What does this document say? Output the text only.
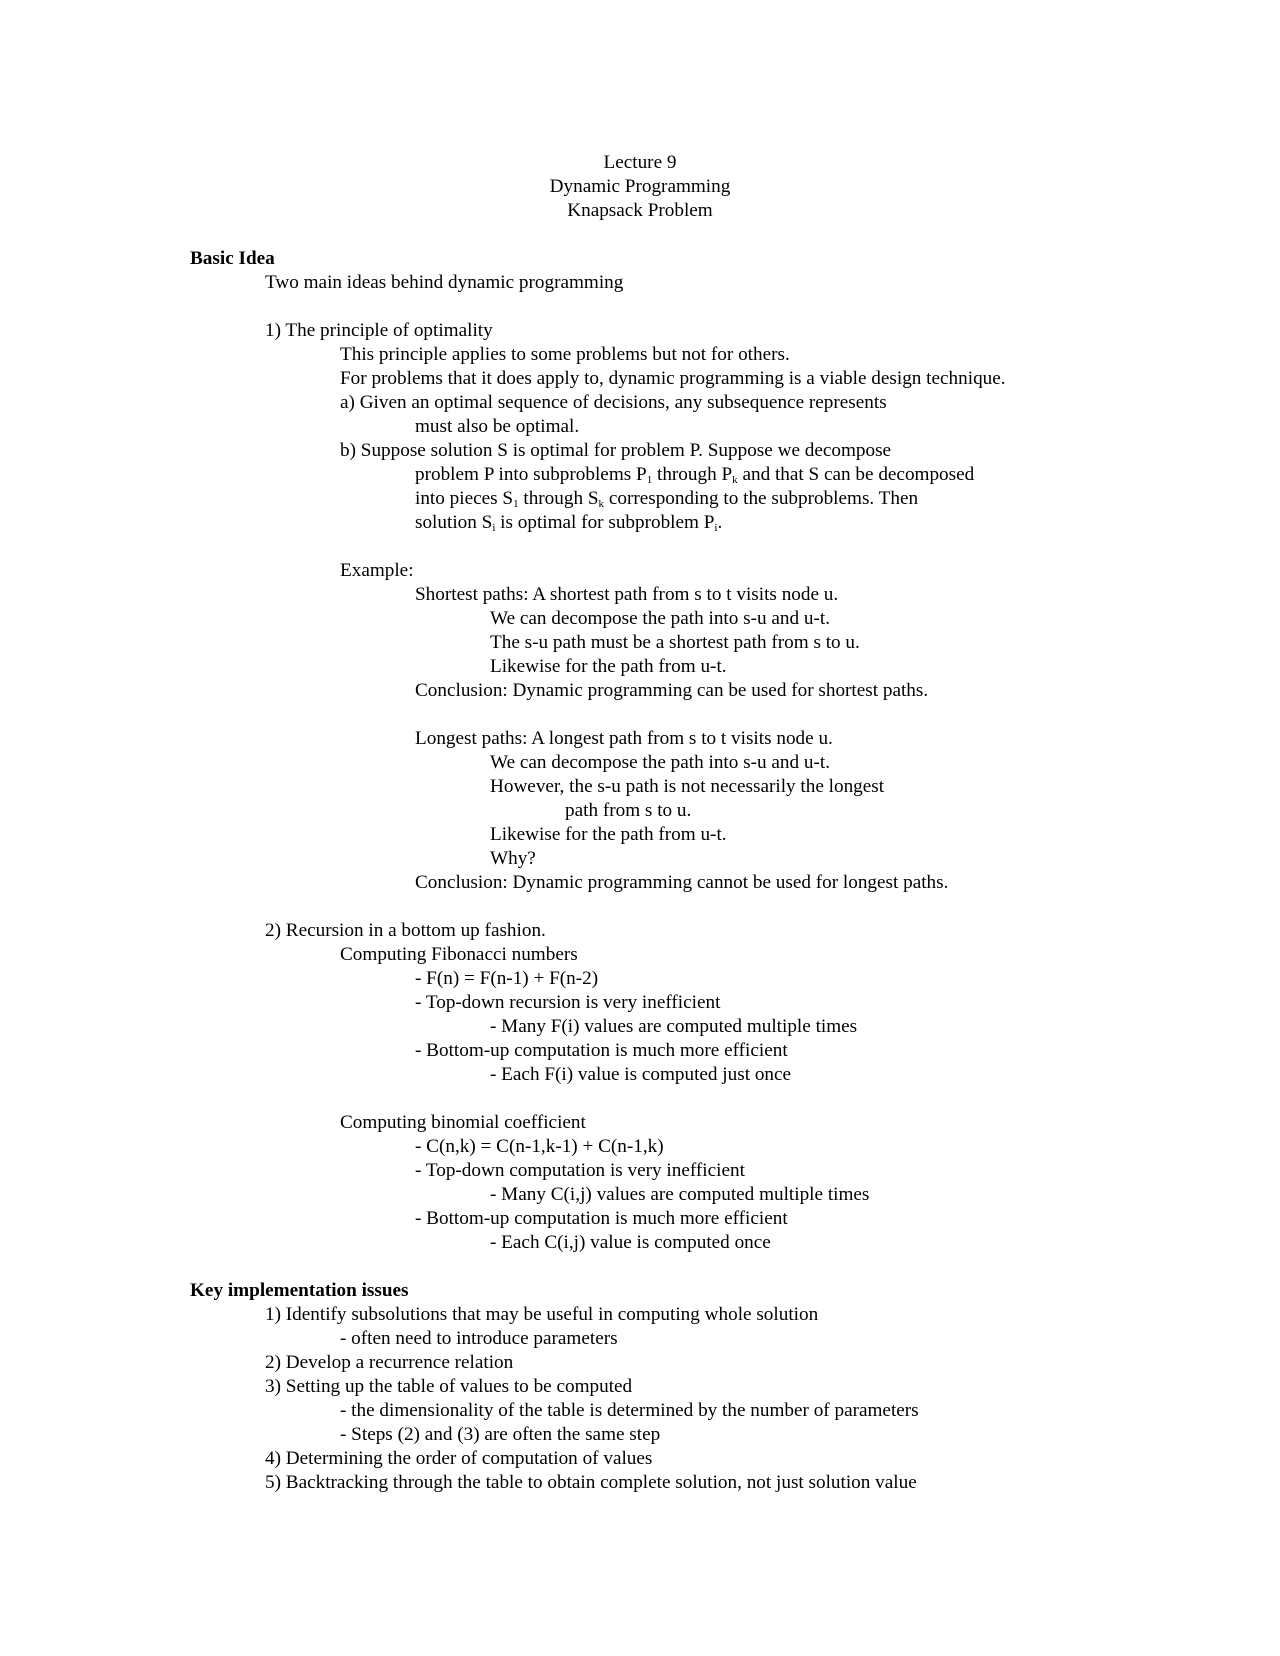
Lecture 9
Dynamic Programming
Knapsack Problem
Basic Idea
Two main ideas behind dynamic programming
1) The principle of optimality
This principle applies to some problems but not for others.
For problems that it does apply to, dynamic programming is a viable design technique.
a) Given an optimal sequence of decisions, any subsequence represents
must also be optimal.
b) Suppose solution S is optimal for problem P. Suppose we decompose
problem P into subproblems $P_1$ through $P_k$ and that S can be decomposed
into pieces $S_1$ through $S_k$ corresponding to the subproblems. Then
solution $S_i$ is optimal for subproblem $P_i$.
Example:
Shortest paths: A shortest path from s to t visits node u.
We can decompose the path into s-u and u-t.
The s-u path must be a shortest path from s to u.
Likewise for the path from u-t.
Conclusion: Dynamic programming can be used for shortest paths.
Longest paths: A longest path from s to t visits node u.
We can decompose the path into s-u and u-t.
However, the s-u path is not necessarily the longest
path from s to u.
Likewise for the path from u-t.
Why?
Conclusion: Dynamic programming cannot be used for longest paths.
2) Recursion in a bottom up fashion.
Computing Fibonacci numbers
- F(n) = F(n-1) + F(n-2)
- Top-down recursion is very inefficient
- Many F(i) values are computed multiple times
- Bottom-up computation is much more efficient
- Each F(i) value is computed just once
Computing binomial coefficient
- C(n,k) = C(n-1,k-1) + C(n-1,k)
- Top-down computation is very inefficient
- Many C(i,j) values are computed multiple times
- Bottom-up computation is much more efficient
- Each C(i,j) value is computed once
Key implementation issues
1) Identify subsolutions that may be useful in computing whole solution
- often need to introduce parameters
2) Develop a recurrence relation
3) Setting up the table of values to be computed
- the dimensionality of the table is determined by the number of parameters
- Steps (2) and (3) are often the same step
4) Determining the order of computation of values
5) Backtracking through the table to obtain complete solution, not just solution value
